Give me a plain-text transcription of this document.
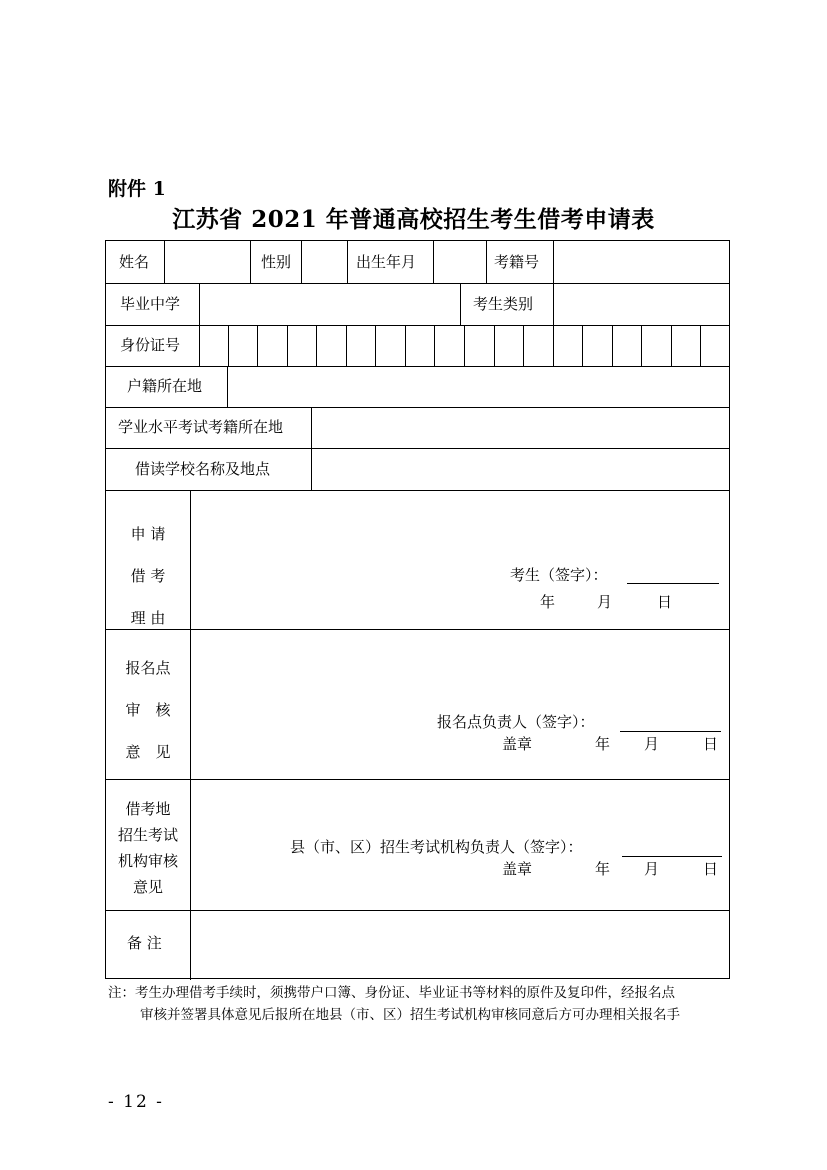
附件 1
江苏省 2021 年普通高校招生考生借考申请表
姓名	性别	出生年月	考籍号
毕业中学	考生类别
身份证号
户籍所在地
学业水平考试考籍所在地
借读学校名称及地点
申 请
借 考
理 由
考生（签字）：
年	月	日
报名点
审　核
意　见
报名点负责人（签字）：
盖章	年 月	日
借考地
招生考试
机构审核
意见
县（市、区）招生考试机构负责人（签字）：
盖章	年 月	日
备 注
注：考生办理借考手续时，须携带户口簿、身份证、毕业证书等材料的原件及复印件，经报名点
审核并签署具体意见后报所在地县（市、区）招生考试机构审核同意后方可办理相关报名手
- 12 -
